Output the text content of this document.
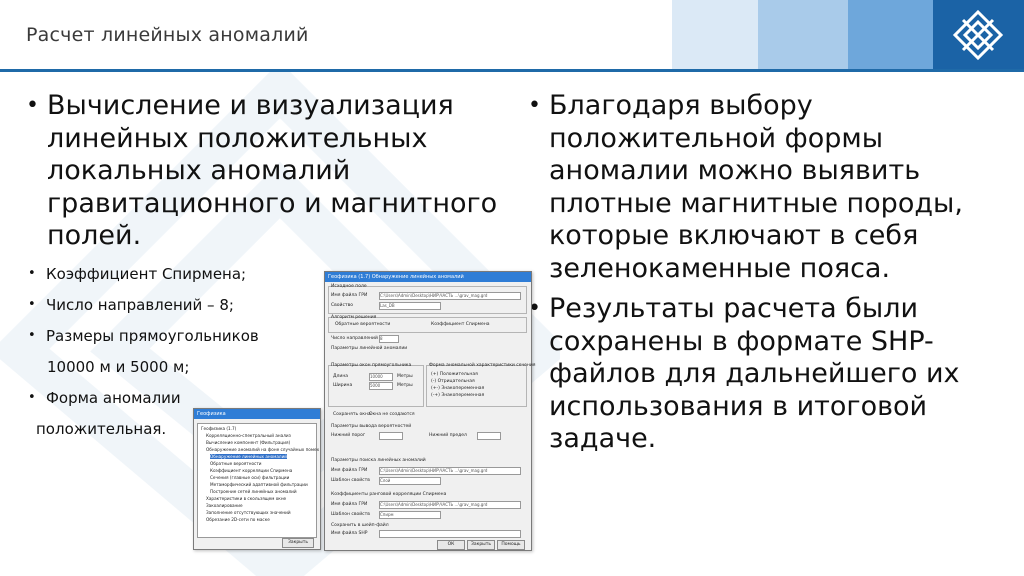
Расчет линейных аномалий
• Вычисление и визуализация линейных положительных локальных аномалий гравитационного и магнитного полей.
• Коэффициент Спирмена;
• Число направлений – 8;
• Размеры прямоугольников
10000 м и 5000 м;
• Форма аномалии
положительная.
• Благодаря выбору положительной формы аномалии можно выявить плотные магнитные породы, которые включают в себя зеленокаменные пояса.
• Результаты расчета были сохранены в формате SHP-файлов для дальнейшего их использования в итоговой задаче.
Геофизика
Геофизика (1.7)
Корреляционно-спектральный анализ
Вычисление компонент (Фильтрация)
Обнаружение аномалий на фоне случайных помех
Обнаружение линейных аномалий
Обратные вероятности
Коэффициент корреляции Спирмена
Сечения (главные оси) фильтрации
Метаморфический адаптивной фильтрации
Построение сетей линейных аномалий
Характеристики в скользящем окне
Закоалирование
Заполнение отсутствующих значений
Обрезание 2D-сети по маске
Закрыть
Геофизика (1.7) Обнаружение линейных аномалий
Исходное поле
Имя файла ГРИ	C:\Users\Admin\Desktop\НИР\ЧАСТЬ ...\grav_mag.grd
Свойство	Las_DB
Алгоритм решения
Обратные вероятности	Коэффициент Спирмена
Число направлений 8
Параметры линейной аномалии
Параметры окон прямоугольника
Длина	10000	Метры
Ширина	5000	Метры
Сохранять окна
Окна не создаются
Форма аномальной характеристики сечения
(+) Положительная
(-) Отрицательная
(+-) Знакопеременная
(-+) Знакопеременная
Параметры вывода вероятностей
Нижний порог	Нижний предел
Параметры поиска линейных аномалий
Имя файла ГРИ	C:\Users\Admin\Desktop\НИР\ЧАСТЬ ...\grav_mag.grd
Шаблон свойств	Слой
Коэффициенты ранговой корреляции Спирмена
Имя файла ГРИ	C:\Users\Admin\Desktop\НИР\ЧАСТЬ ...\grav_mag.grd
Шаблон свойств	Спирм
Сохранить в шейп-файл
Имя файла SHP
ОК	Закрыть	Помощь
